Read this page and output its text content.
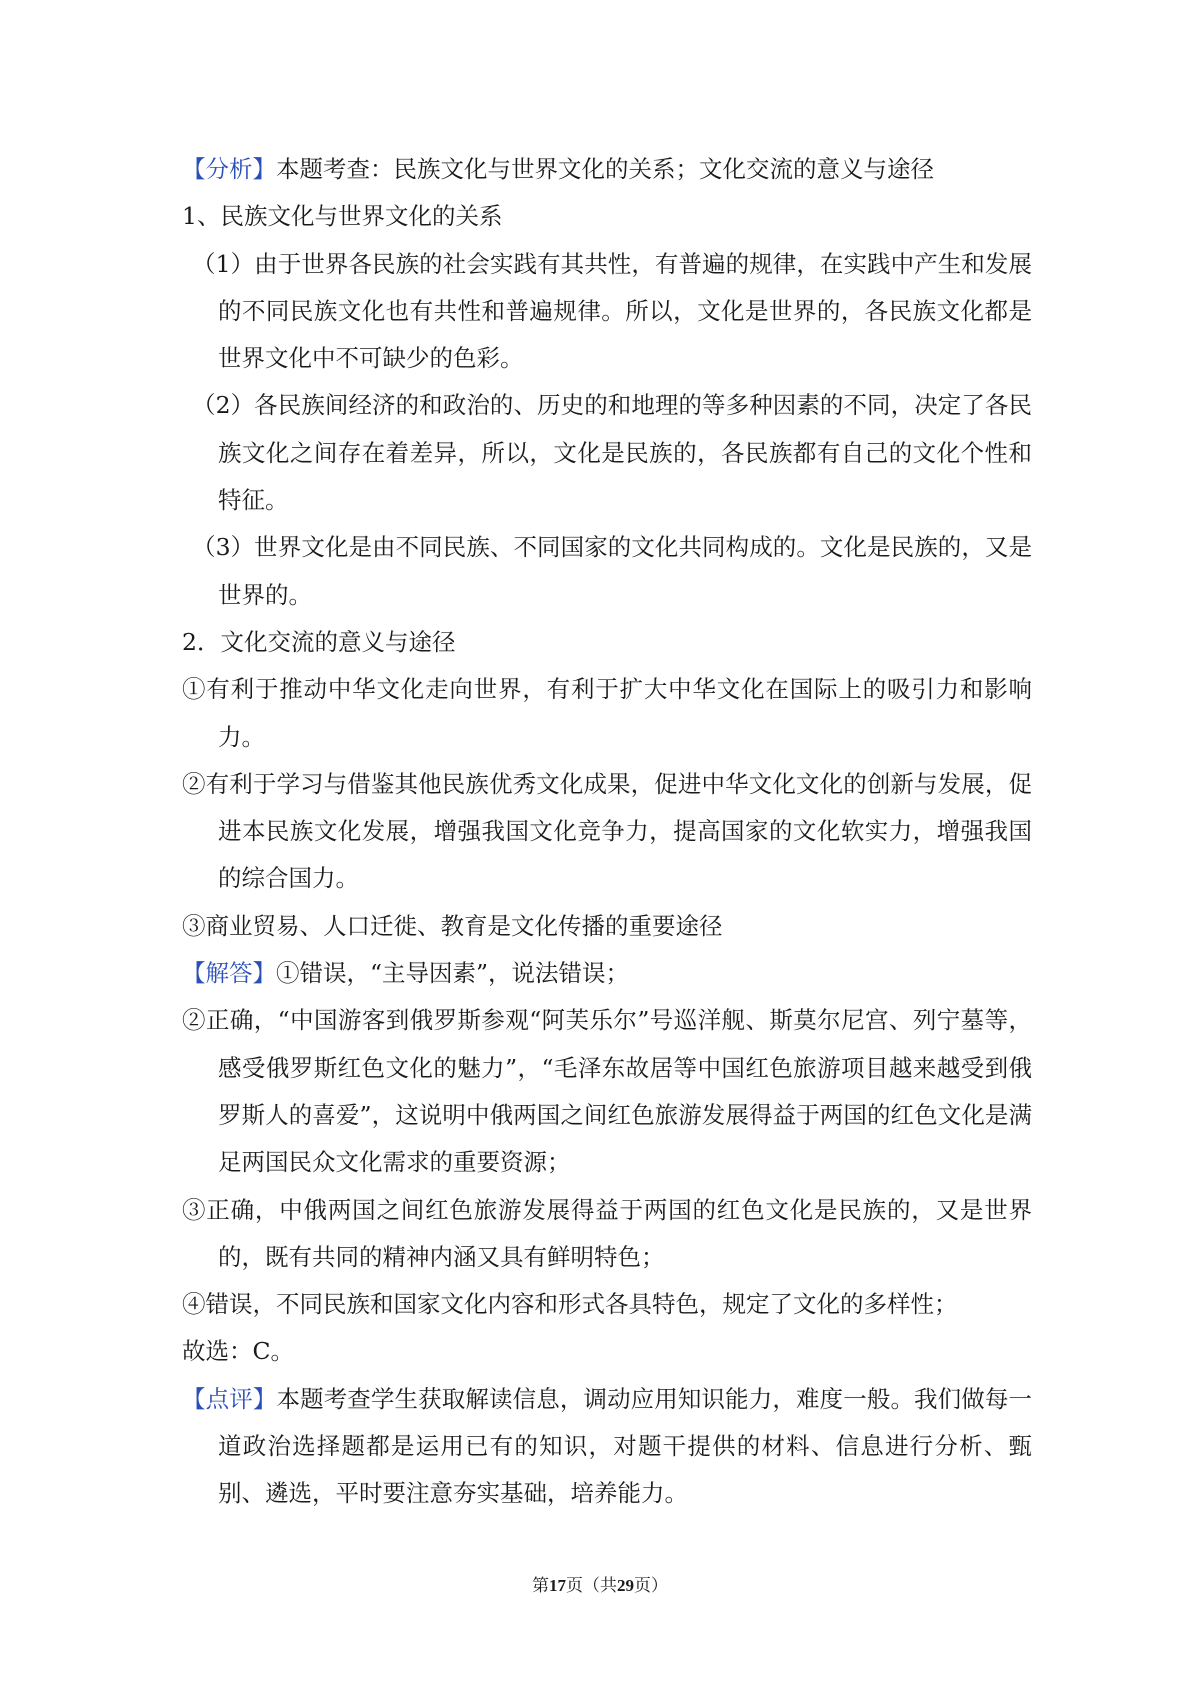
【分析】本题考查：民族文化与世界文化的关系；文化交流的意义与途径

1、民族文化与世界文化的关系

（1）由于世界各民族的社会实践有其共性，有普遍的规律，在实践中产生和发展的不同民族文化也有共性和普遍规律。所以，文化是世界的，各民族文化都是世界文化中不可缺少的色彩。

（2）各民族间经济的和政治的、历史的和地理的等多种因素的不同，决定了各民族文化之间存在着差异，所以，文化是民族的，各民族都有自己的文化个性和特征。

（3）世界文化是由不同民族、不同国家的文化共同构成的。文化是民族的，又是世界的。

2．文化交流的意义与途径

①有利于推动中华文化走向世界，有利于扩大中华文化在国际上的吸引力和影响力。

②有利于学习与借鉴其他民族优秀文化成果，促进中华文化文化的创新与发展，促进本民族文化发展，增强我国文化竞争力，提高国家的文化软实力，增强我国的综合国力。

③商业贸易、人口迁徙、教育是文化传播的重要途径

【解答】①错误，“主导因素”，说法错误；

②正确，“中国游客到俄罗斯参观“阿芙乐尔”号巡洋舰、斯莫尔尼宫、列宁墓等，感受俄罗斯红色文化的魅力”，“毛泽东故居等中国红色旅游项目越来越受到俄罗斯人的喜爱”，这说明中俄两国之间红色旅游发展得益于两国的红色文化是满足两国民众文化需求的重要资源；

③正确，中俄两国之间红色旅游发展得益于两国的红色文化是民族的，又是世界的，既有共同的精神内涵又具有鲜明特色；

④错误，不同民族和国家文化内容和形式各具特色，规定了文化的多样性；

故选：C。

【点评】本题考查学生获取解读信息，调动应用知识能力，难度一般。我们做每一道政治选择题都是运用已有的知识，对题干提供的材料、信息进行分析、甄别、遴选，平时要注意夯实基础，培养能力。

第17页（共29页）
